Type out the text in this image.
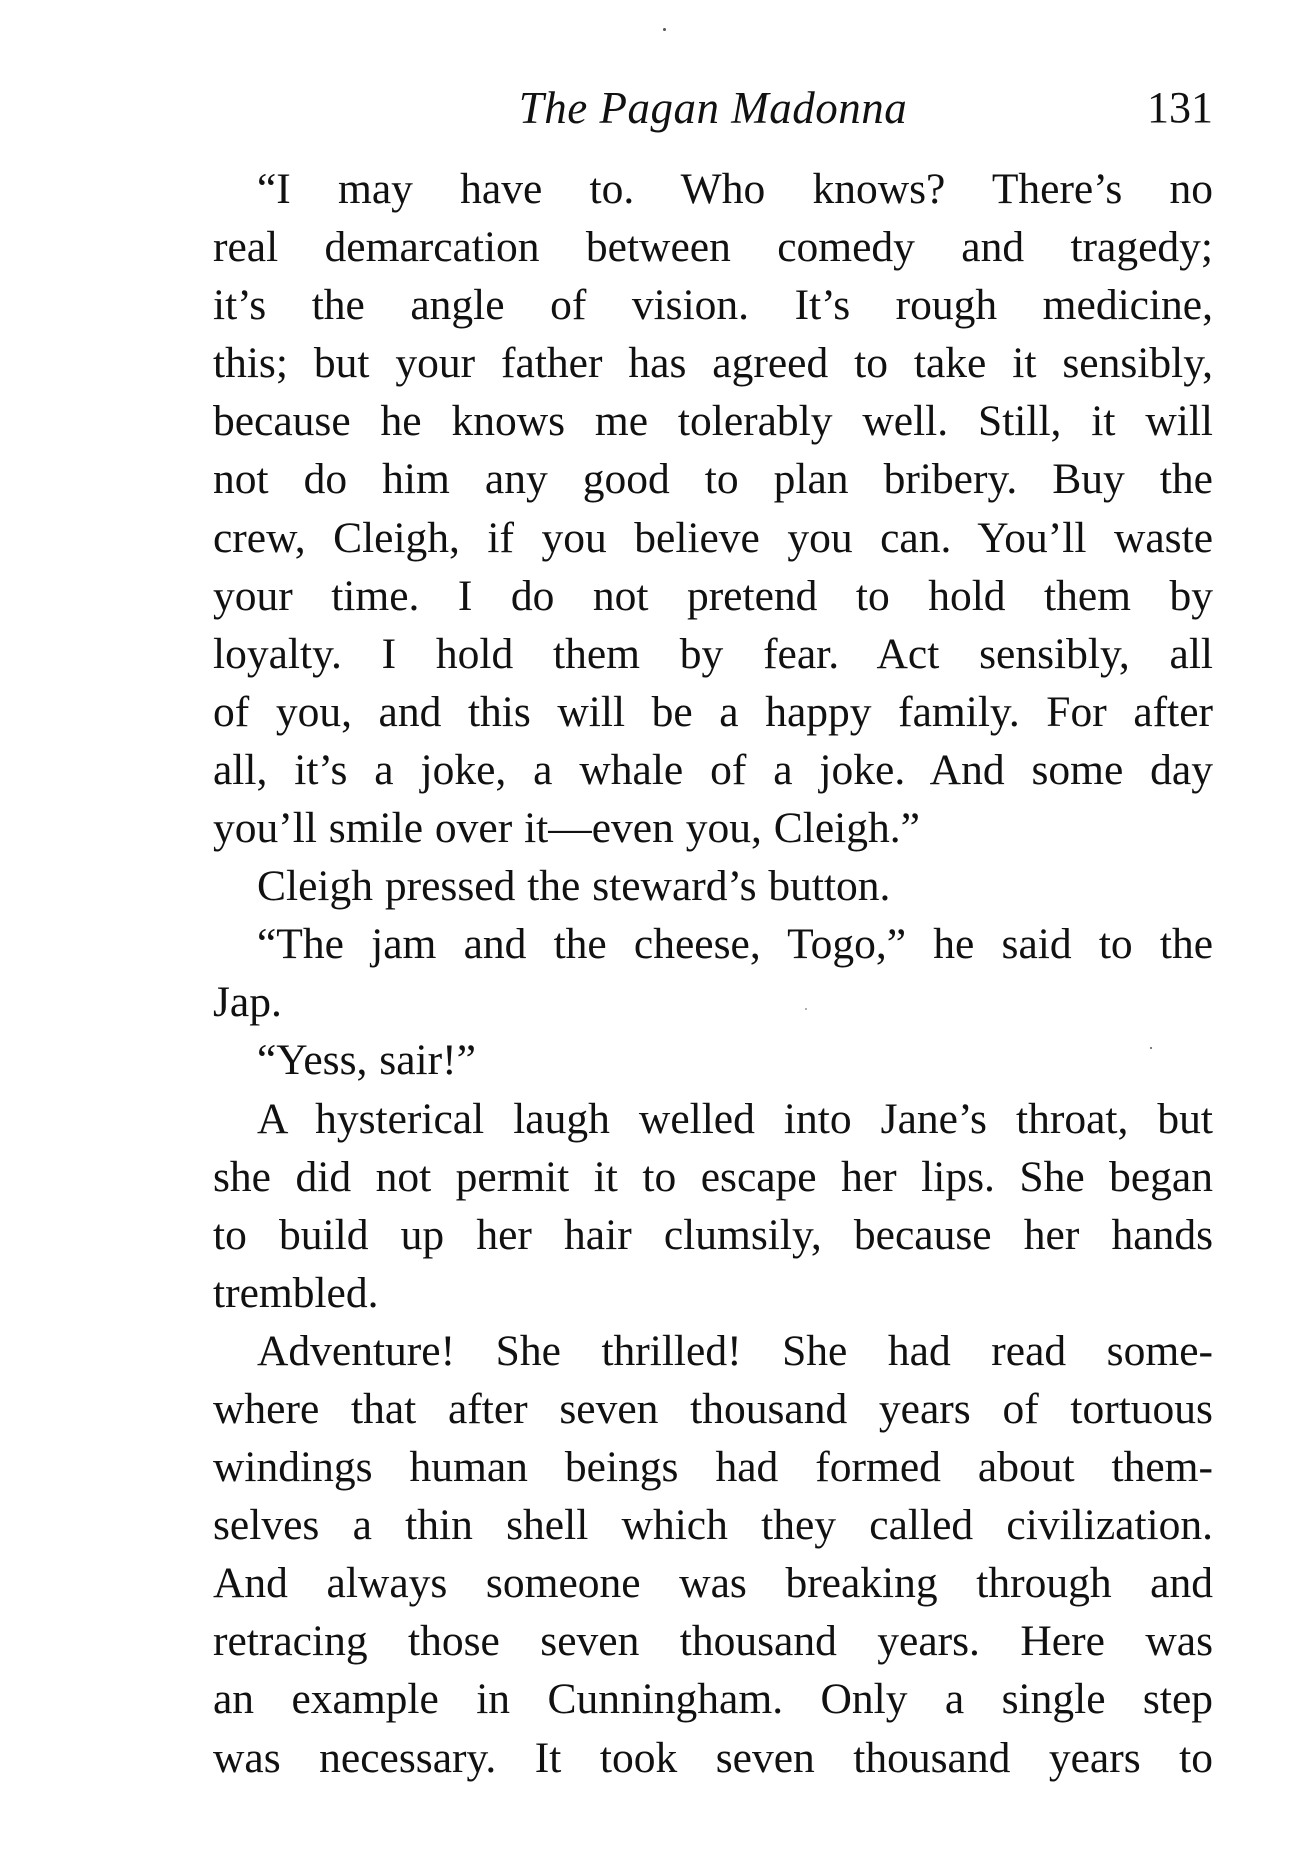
The Pagan Madonna	131
“I may have to. Who knows? There’s no
real demarcation between comedy and tragedy;
it’s the angle of vision. It’s rough medicine,
this; but your father has agreed to take it sensibly,
because he knows me tolerably well. Still, it will
not do him any good to plan bribery. Buy the
crew, Cleigh, if you believe you can. You’ll waste
your time. I do not pretend to hold them by
loyalty. I hold them by fear. Act sensibly, all
of you, and this will be a happy family. For after
all, it’s a joke, a whale of a joke. And some day
you’ll smile over it—even you, Cleigh.”
Cleigh pressed the steward’s button.
“The jam and the cheese, Togo,” he said to the
Jap.
“Yess, sair!”
A hysterical laugh welled into Jane’s throat, but
she did not permit it to escape her lips. She began
to build up her hair clumsily, because her hands
trembled.
Adventure! She thrilled! She had read some-
where that after seven thousand years of tortuous
windings human beings had formed about them-
selves a thin shell which they called civilization.
And always someone was breaking through and
retracing those seven thousand years. Here was
an example in Cunningham. Only a single step
was necessary. It took seven thousand years to
